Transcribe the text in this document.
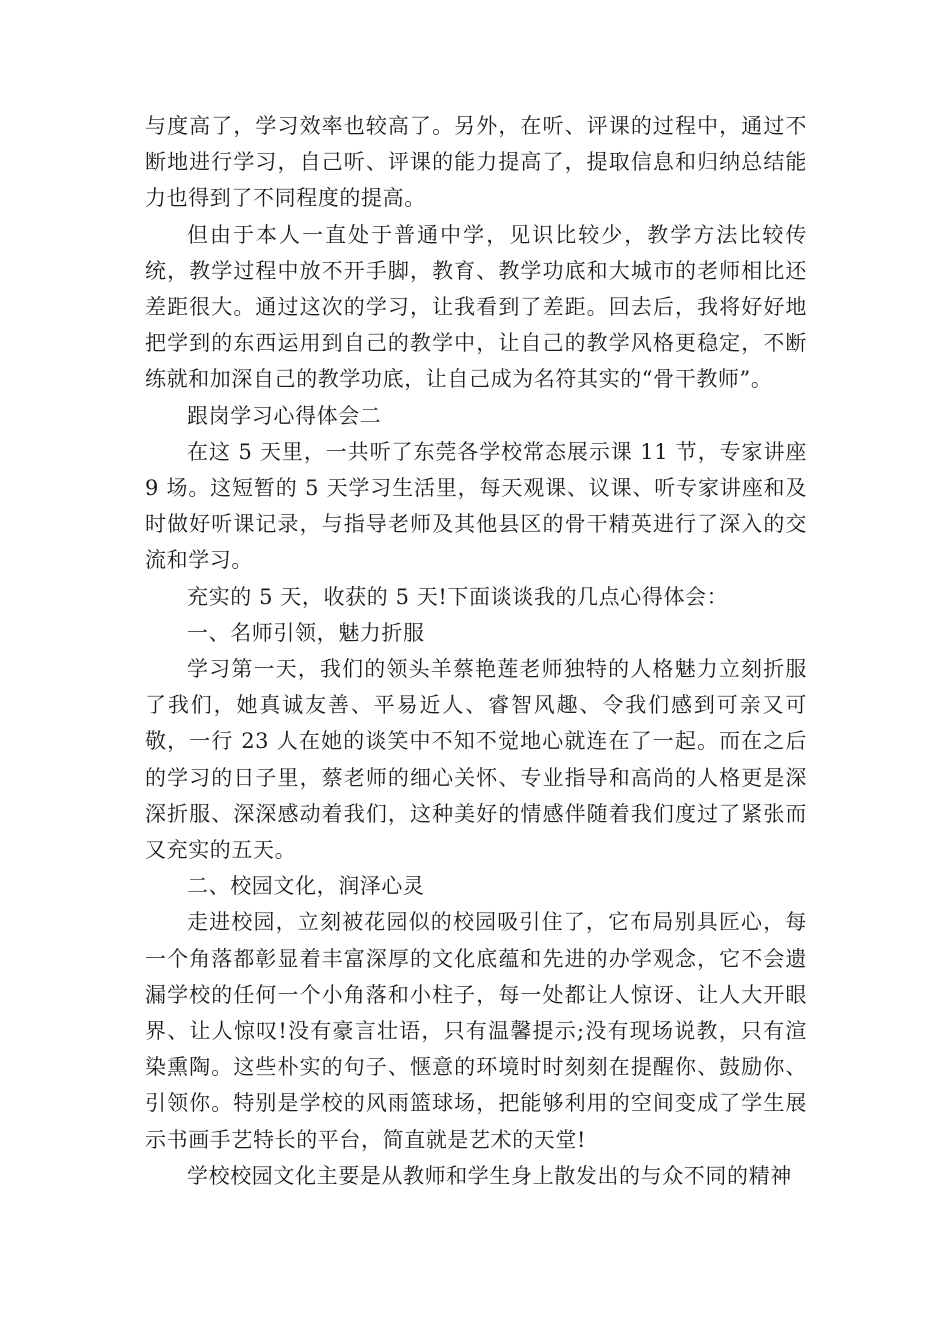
与度高了，学习效率也较高了。另外，在听、评课的过程中，通过不断地进行学习，自己听、评课的能力提高了，提取信息和归纳总结能力也得到了不同程度的提高。

但由于本人一直处于普通中学，见识比较少，教学方法比较传统，教学过程中放不开手脚，教育、教学功底和大城市的老师相比还差距很大。通过这次的学习，让我看到了差距。回去后，我将好好地把学到的东西运用到自己的教学中，让自己的教学风格更稳定，不断练就和加深自己的教学功底，让自己成为名符其实的“骨干教师”。

跟岗学习心得体会二

在这 5 天里，一共听了东莞各学校常态展示课 11 节，专家讲座 9 场。这短暂的 5 天学习生活里，每天观课、议课、听专家讲座和及时做好听课记录，与指导老师及其他县区的骨干精英进行了深入的交流和学习。

充实的 5 天，收获的 5 天!下面谈谈我的几点心得体会：

一、名师引领，魅力折服

学习第一天，我们的领头羊蔡艳莲老师独特的人格魅力立刻折服了我们，她真诚友善、平易近人、睿智风趣、令我们感到可亲又可敬，一行 23 人在她的谈笑中不知不觉地心就连在了一起。而在之后的学习的日子里，蔡老师的细心关怀、专业指导和高尚的人格更是深深折服、深深感动着我们，这种美好的情感伴随着我们度过了紧张而又充实的五天。

二、校园文化，润泽心灵

走进校园，立刻被花园似的校园吸引住了，它布局别具匠心，每一个角落都彰显着丰富深厚的文化底蕴和先进的办学观念，它不会遗漏学校的任何一个小角落和小柱子，每一处都让人惊讶、让人大开眼界、让人惊叹!没有豪言壮语，只有温馨提示;没有现场说教，只有渲染熏陶。这些朴实的句子、惬意的环境时时刻刻在提醒你、鼓励你、引领你。特别是学校的风雨篮球场，把能够利用的空间变成了学生展示书画手艺特长的平台，简直就是艺术的天堂!

学校校园文化主要是从教师和学生身上散发出的与众不同的精神
